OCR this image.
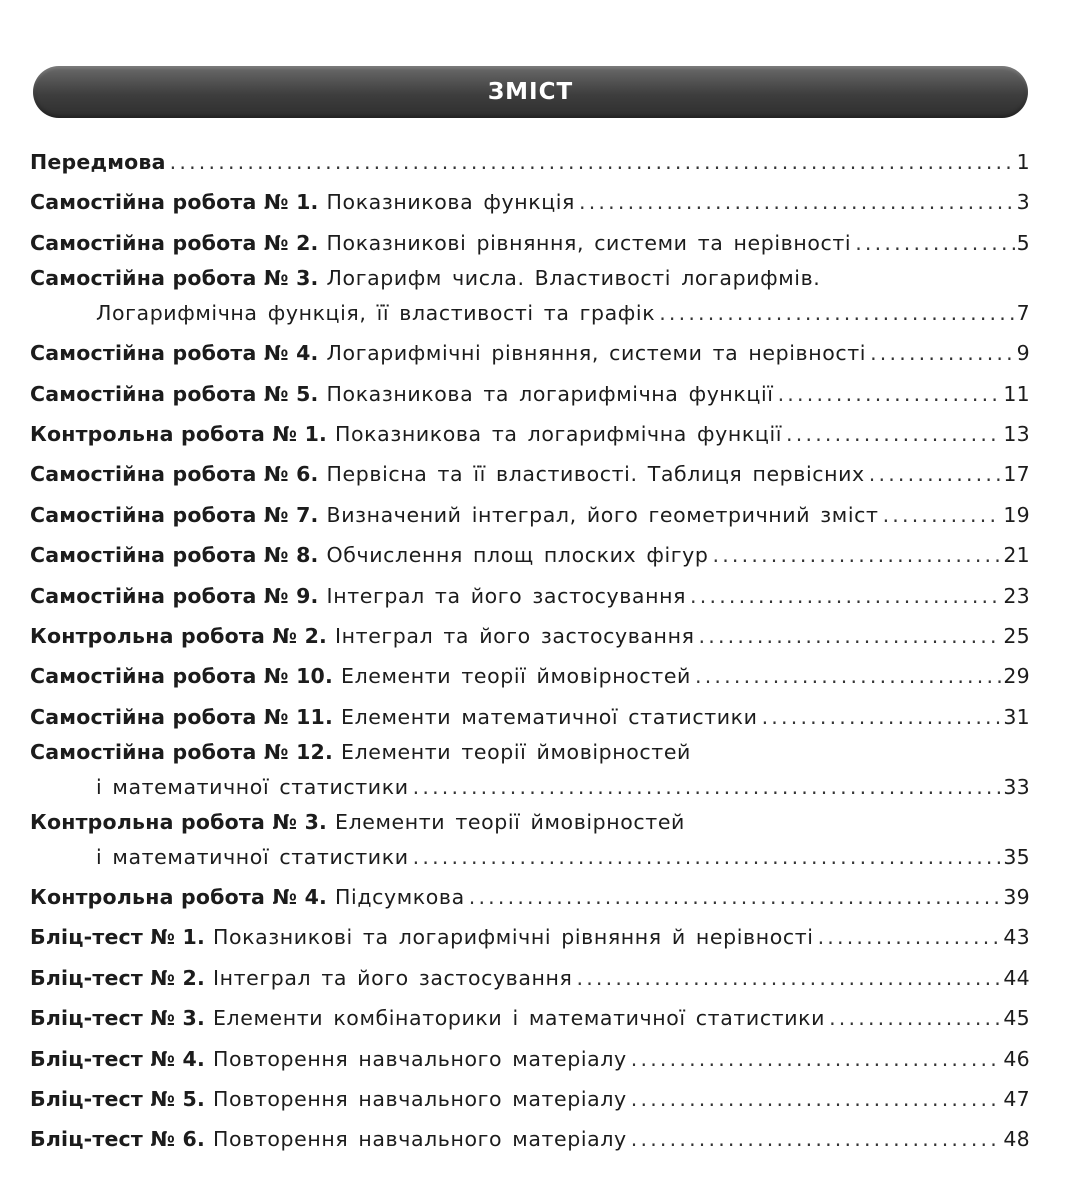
ЗМІСТ
Передмова .....	1
Самостійна робота № 1. Показникова функція .....	3
Самостійна робота № 2. Показникові рівняння, системи та нерівності .....	5
Самостійна робота № 3. Логарифм числа. Властивості логарифмів.
Логарифмічна функція, її властивості та графік .....	7
Самостійна робота № 4. Логарифмічні рівняння, системи та нерівності .....	9
Самостійна робота № 5. Показникова та логарифмічна функції .....	11
Контрольна робота № 1. Показникова та логарифмічна функції .....	13
Самостійна робота № 6. Первісна та її властивості. Таблиця первісних .....	17
Самостійна робота № 7. Визначений інтеграл, його геометричний зміст .....	19
Самостійна робота № 8. Обчислення площ плоских фігур .....	21
Самостійна робота № 9. Інтеграл та його застосування .....	23
Контрольна робота № 2. Інтеграл та його застосування .....	25
Самостійна робота № 10. Елементи теорії ймовірностей .....	29
Самостійна робота № 11. Елементи математичної статистики .....	31
Самостійна робота № 12. Елементи теорії ймовірностей
і математичної статистики .....	33
Контрольна робота № 3. Елементи теорії ймовірностей
і математичної статистики .....	35
Контрольна робота № 4. Підсумкова .....	39
Бліц-тест № 1. Показникові та логарифмічні рівняння й нерівності .....	43
Бліц-тест № 2. Інтеграл та його застосування .....	44
Бліц-тест № 3. Елементи комбінаторики і математичної статистики .....	45
Бліц-тест № 4. Повторення навчального матеріалу .....	46
Бліц-тест № 5. Повторення навчального матеріалу .....	47
Бліц-тест № 6. Повторення навчального матеріалу .....	48
